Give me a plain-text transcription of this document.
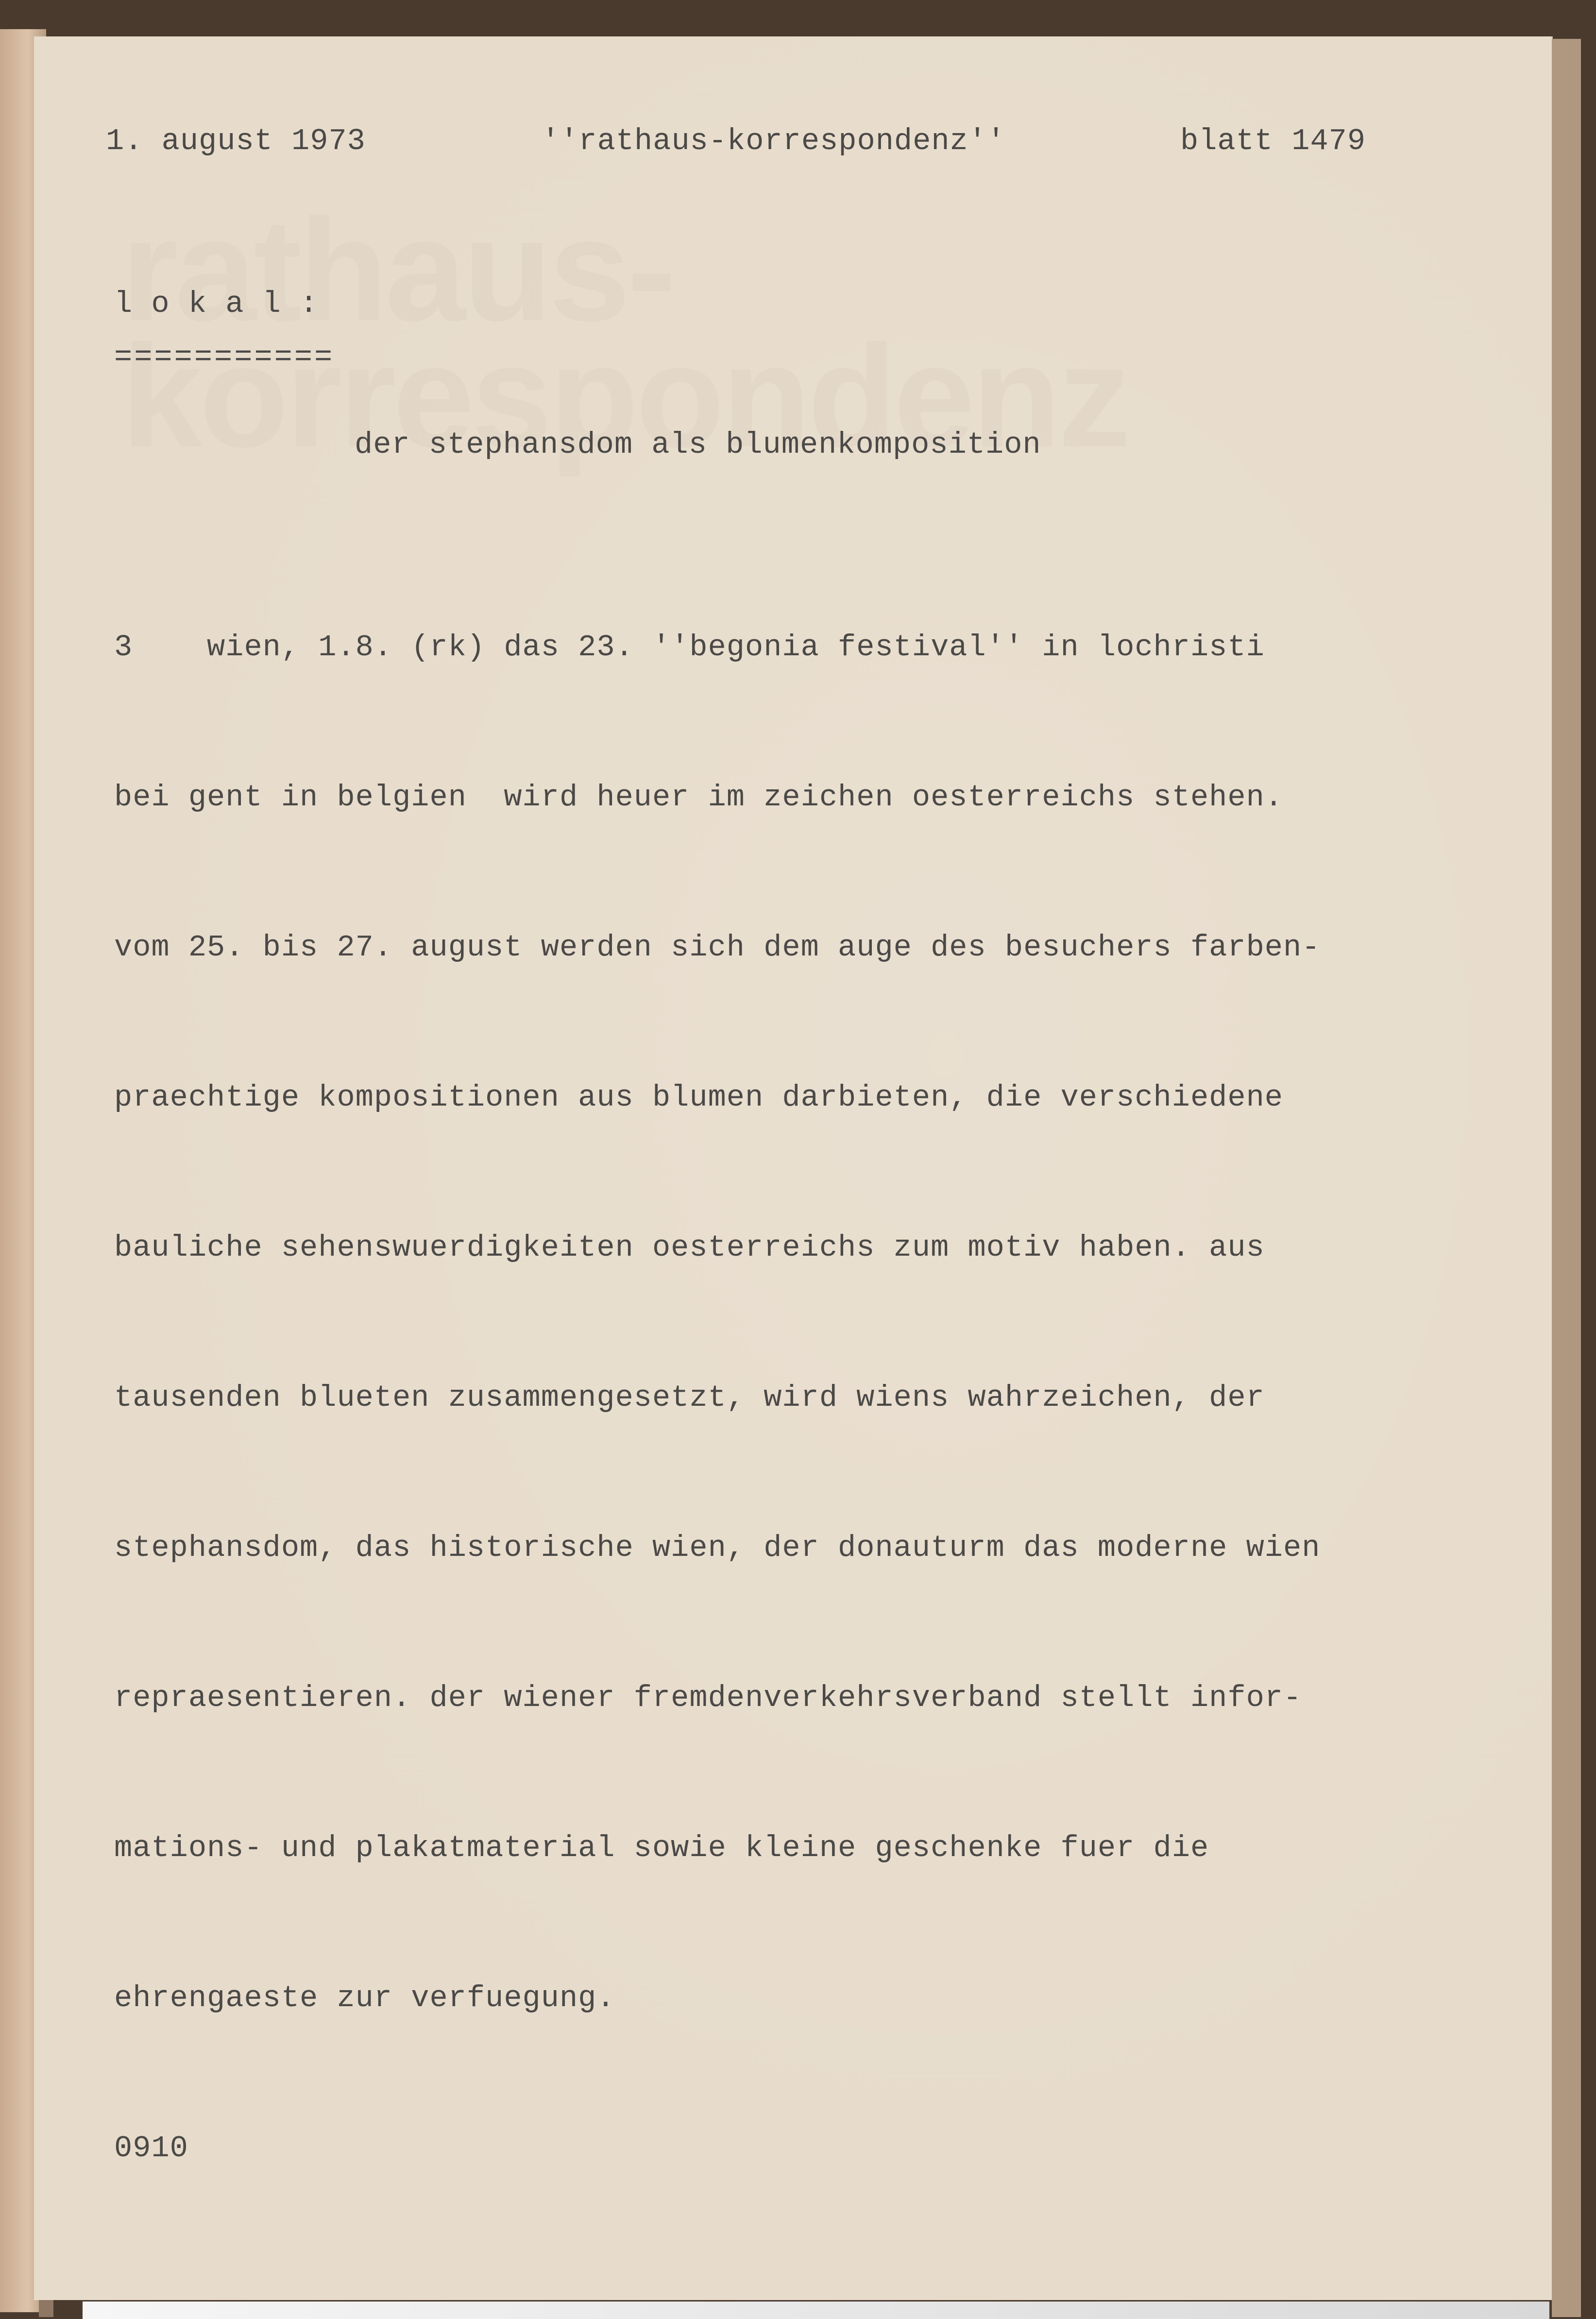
1. august 1973	''rathaus-korrespondenz''	blatt 1479
l o k a l :
===========
der stephansdom als blumenkomposition

3    wien, 1.8. (rk) das 23. ''begonia festival'' in lochristi

bei gent in belgien  wird heuer im zeichen oesterreichs stehen.

vom 25. bis 27. august werden sich dem auge des besuchers farben-

praechtige kompositionen aus blumen darbieten, die verschiedene

bauliche sehenswuerdigkeiten oesterreichs zum motiv haben. aus

tausenden blueten zusammengesetzt, wird wiens wahrzeichen, der

stephansdom, das historische wien, der donauturm das moderne wien

repraesentieren. der wiener fremdenverkehrsverband stellt infor-

mations- und plakatmaterial sowie kleine geschenke fuer die

ehrengaeste zur verfuegung.

0910
